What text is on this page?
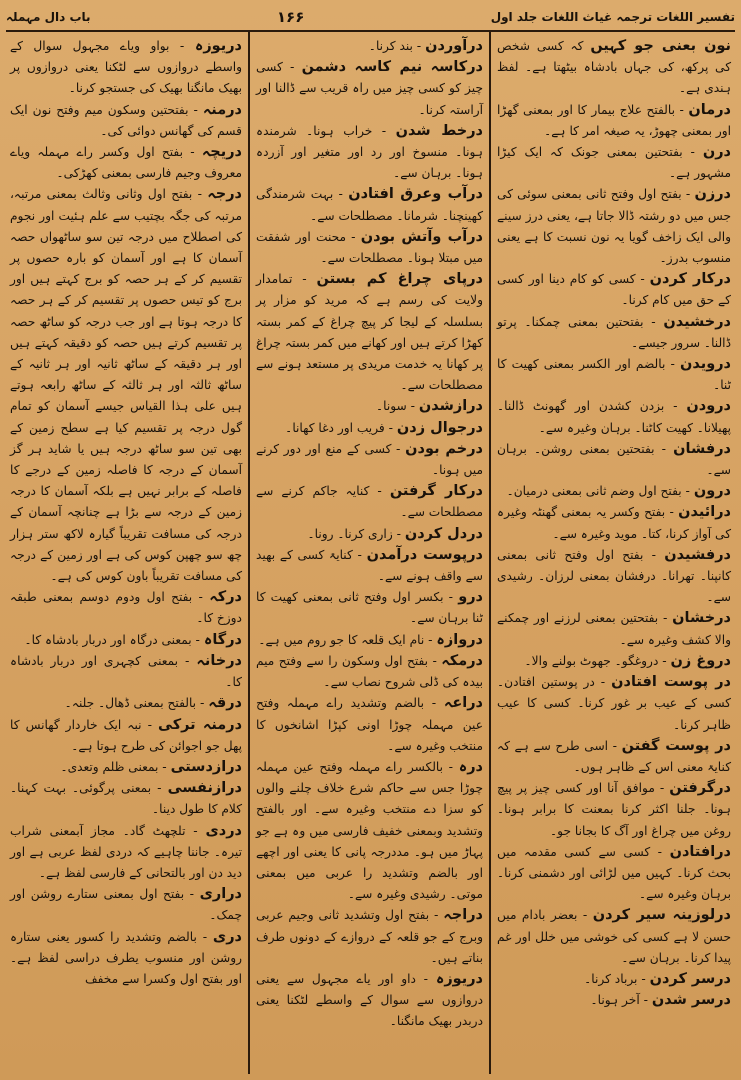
تفسیر اللغات ترجمہ غیاث اللغات جلد اول
۱۶۶
باب دال مہملہ

نون بعنی جو کہیں کہ کسی شخص کی پرکھ، کی جہاں بادشاہ بیٹھتا ہے۔ لفظ ہندی ہے۔

درمان - بالفتح علاج بیمار کا اور بمعنی گھڑا اور بمعنی چھوڑ، یہ صیغہ امر کا ہے۔

درن - بفتحتین بمعنی جونک کہ ایک کیڑا مشہور ہے۔

درزن - بفتح اول وفتح ثانی بمعنی سوئی کی جس میں دو رشتہ ڈالا جاتا ہے، یعنی درز سینے والی ایک زاخف گویا یہ نون نسبت کا ہے یعنی منسوب بدرز۔

درکار کردن - کسی کو کام دینا اور کسی کے حق میں کام کرنا۔

درخشیدن - بفتحتین بمعنی چمکنا۔ پرتو ڈالنا۔ سرور جیسے۔

درویدن - بالضم اور الکسر بمعنی کھیت کا ٹنا۔

درودن - بزدن کشدن اور گھونٹ ڈالنا۔ پھیلانا۔ کھیت کاٹنا۔ برہان وغیرہ سے۔

درفشان - بفتحتین بمعنی روشن۔ برہان سے۔

درون - بفتح اول وضم ثانی بمعنی درمیان۔

درائیدن - بفتح وکسر یہ بمعنی گھنٹہ وغیرہ کی آواز کرنا، کتا۔ موید وغیرہ سے۔

درفشیدن - بفتح اول وفتح ثانی بمعنی کانپنا۔ تھرانا۔ درفشان بمعنی لرزان۔ رشیدی سے۔

درخشان - بفتحتین بمعنی لرزنے اور چمکنے والا کشف وغیرہ سے۔

دروغ زن - دروغگو۔ جھوٹ بولنے والا۔

در پوست افتادن - در پوستین افتادن۔ کسی کے عیب بر غور کرنا۔ کسی کا عیب ظاہر کرنا۔

در پوست گفتن - اسی طرح سے ہے کہ کنایۃ معنی اس کے ظاہر ہوں۔

درگرفتن - موافق آنا اور کسی چیز پر پیچ ہونا۔ جلنا اکثر کرنا بمعنت کا برابر ہونا۔ روغن میں چراغ اور آگ کا بجانا جو۔

درافتادن - کسی سے کسی مقدمہ میں بحث کرنا۔ کہیں میں لڑائی اور دشمنی کرنا۔ برہان وغیرہ سے۔

درلوزینہ سیر کردن - بعضر بادام میں حسن لا ہے کسی کی خوشی میں خلل اور غم پیدا کرنا۔ برہان سے۔

درسر کردن - برباد کرنا۔

درسر شدن - آخر ہونا۔

درآوردن - بند کرنا۔

درکاسہ نیم کاسہ دشمن - کسی چیز کو کسی چیز میں راہ قریب سے ڈالنا اور آراستہ کرنا۔

درخط شدن - خراب ہونا۔ شرمندہ ہونا۔ منسوخ اور رد اور متغیر اور آزردہ ہونا۔ برہان سے۔

درآب وعرق افتادن - بہت شرمندگی کھینچنا۔ شرمانا۔ مصطلحات سے۔

درآب وآتش بودن - محنت اور شفقت میں مبتلا ہونا۔ مصطلحات سے۔

درپای چراغ کم بستن - تمامدار ولایت کی رسم ہے کہ مرید کو مزار پر بسلسلہ کے لیجا کر پیچ چراغ کے کمر بستہ کھڑا کرتے ہیں اور کھانے میں کمر بستہ چراغ پر کھانا یہ خدمت مریدی پر مستعد ہونے سے مصطلحات سے۔

درازشدن - سونا۔

درجوال زدن - فریب اور دغا کھانا۔

درخم بودن - کسی کے منع اور دور کرنے میں ہونا۔

درکار گرفتن - کنایہ جاکم کرنے سے مصطلحات سے۔

دردل کردن - زاری کرنا۔ رونا۔

درپوست درآمدن - کنایۃ کسی کے بھید سے واقف ہونے سے۔

درو - بکسر اول وفتح ثانی بمعنی کھیت کا ٹنا برہان سے۔

دروازہ - نام ایک قلعہ کا جو روم میں ہے۔

درمکہ - بفتح اول وسکون را سے وفتح میم بیدہ کی ڈلی شروح نصاب سے۔

دراعہ - بالضم وتشدید راے مہملہ وفتح عین مہملہ چوڑا اونی کپڑا اشانخوں کا منتخب وغیرہ سے۔

درہ - بالکسر راے مہملہ وفتح عین مہملہ چوڑا جس سے حاکم شرع خلاف چلنے والوں کو سزا دے منتخب وغیرہ سے۔ اور بالفتح وتشدید وبمعنی خفیف فارسی میں وہ ہے جو پہاڑ میں ہو۔ مددرجہ پانی کا یعنی اور اچھے اور بالضم وتشدید را عربی میں بمعنی موتی۔ رشیدی وغیرہ سے۔

دراجہ - بفتح اول وتشدید ثانی وجیم عربی وبرج کے جو قلعہ کے دروازے کے دونوں طرف بناتے ہیں۔

دریوزہ - داو اور یاے مجہول سے یعنی دروازوں سے سوال کے واسطے لٹکنا یعنی دربدر بھیک مانگنا۔

دریوزہ - بواو ویاے مجہول سوال کے واسطے دروازوں سے لٹکنا یعنی دروازوں پر بھیک مانگنا بھیک کی جستجو کرنا۔

درمنہ - بفتحتین وسکون میم وفتح نون ایک قسم کی گھانس دوائی کی۔

دریچہ - بفتح اول وکسر راے مہملہ ویاے معروف وجیم فارسی بمعنی کھڑکی۔

درجہ - بفتح اول وثانی وثالث بمعنی مرتبہ، مرتبہ کی جگہ بچتیب سے علم ہئیت اور نجوم کی اصطلاح میں درجہ تین سو ساٹھواں حصہ آسمان کا ہے اور آسمان کو بارہ حصوں پر تقسیم کر کے ہر حصہ کو برج کہتے ہیں اور برج کو تیس حصوں پر تقسیم کر کے ہر حصہ کا درجہ ہوتا ہے اور جب درجہ کو ساٹھ حصہ پر تقسیم کرتے ہیں حصہ کو دقیقہ کہتے ہیں اور ہر دقیقہ کے ساٹھ ثانیہ اور ہر ثانیہ کے ساٹھ ثالثہ اور ہر ثالثہ کے ساٹھ رابعہ ہوتے ہیں علی ہذا القیاس جیسے آسمان کو تمام گول درجہ پر تقسیم کیا ہے سطح زمین کے بھی تین سو ساٹھ درجہ ہیں یا شاید ہر گز آسمان کے درجہ کا فاصلہ زمین کے درجے کا فاصلہ کے برابر نہیں ہے بلکہ آسمان کا درجہ زمین کے درجہ سے بڑا ہے چنانچہ آسمان کے درجہ کی مسافت تقریباً گیارہ لاکھ ستر ہزار چھ سو چھپن کوس کی ہے اور زمین کے درجہ کی مسافت تقریباً باون کوس کی ہے۔

درکہ - بفتح اول ودوم دوسم بمعنی طبقہ دوزخ کا۔

درگاہ - بمعنی درگاہ اور دربار بادشاہ کا۔

درخانہ - بمعنی کچہری اور دربار بادشاہ کا۔

درقہ - بالفتح بمعنی ڈھال۔ جلنہ۔

درمنہ ترکی - نبہ ایک خاردار گھانس کا پھل جو اجوائن کی طرح ہوتا ہے۔

درازدستی - بمعنی ظلم وتعدی۔

درازنفسی - بمعنی پرگوئی۔ بہت کہنا۔ کلام کا طول دینا۔

دردی - تلچھٹ گاد۔ مجاز آبمعنی شراب تیرہ۔ جاننا چاہیے کہ دردی لفظ عربی ہے اور دید دن اور بالتحانی کے فارسی لفظ ہے۔

دراری - بفتح اول بمعنی ستارے روشن اور چمک۔

دری - بالضم وتشدید را کسور یعنی ستارہ روشن اور منسوب یطرف دراسی لفظ ہے۔ اور بفتح اول وکسرا سے مخفف
